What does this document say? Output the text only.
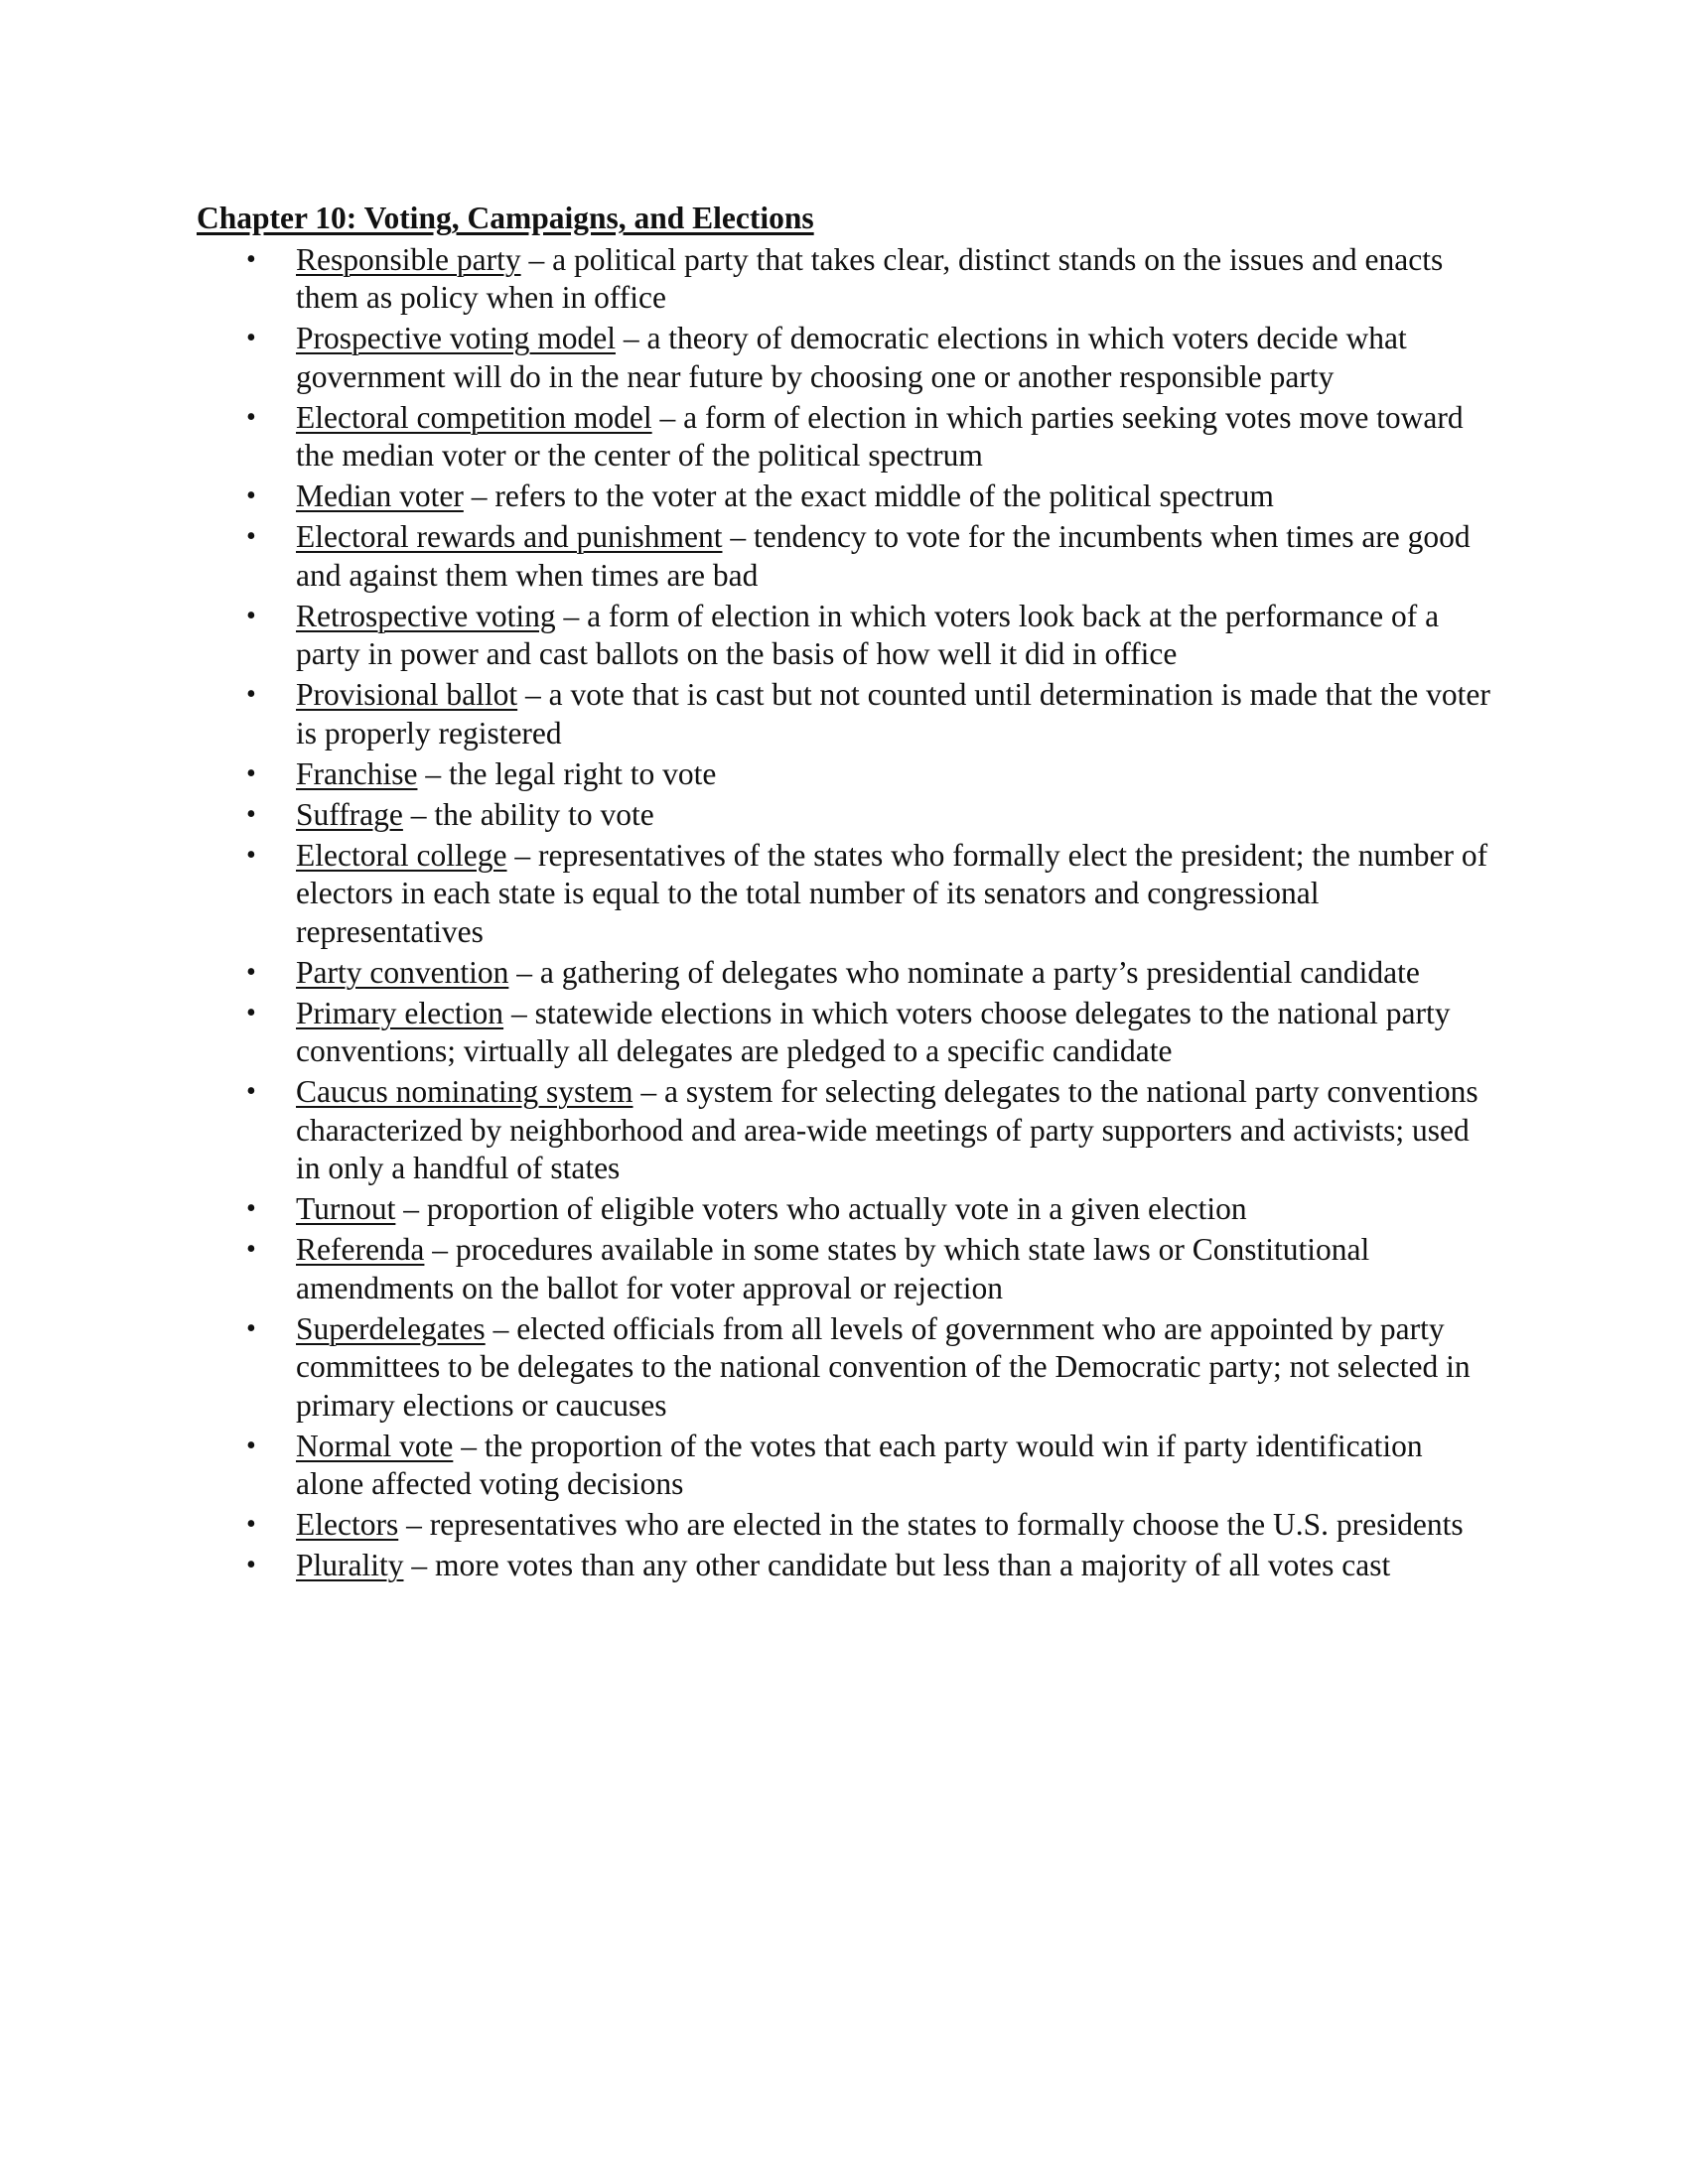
Chapter 10: Voting, Campaigns, and Elections
• Responsible party – a political party that takes clear, distinct stands on the issues and enacts them as policy when in office
• Prospective voting model – a theory of democratic elections in which voters decide what government will do in the near future by choosing one or another responsible party
• Electoral competition model – a form of election in which parties seeking votes move toward the median voter or the center of the political spectrum
• Median voter – refers to the voter at the exact middle of the political spectrum
• Electoral rewards and punishment – tendency to vote for the incumbents when times are good and against them when times are bad
• Retrospective voting – a form of election in which voters look back at the performance of a party in power and cast ballots on the basis of how well it did in office
• Provisional ballot – a vote that is cast but not counted until determination is made that the voter is properly registered
• Franchise – the legal right to vote
• Suffrage – the ability to vote
• Electoral college – representatives of the states who formally elect the president; the number of electors in each state is equal to the total number of its senators and congressional representatives
• Party convention – a gathering of delegates who nominate a party’s presidential candidate
• Primary election – statewide elections in which voters choose delegates to the national party conventions; virtually all delegates are pledged to a specific candidate
• Caucus nominating system – a system for selecting delegates to the national party conventions characterized by neighborhood and area-wide meetings of party supporters and activists; used in only a handful of states
• Turnout – proportion of eligible voters who actually vote in a given election
• Referenda – procedures available in some states by which state laws or Constitutional amendments on the ballot for voter approval or rejection
• Superdelegates – elected officials from all levels of government who are appointed by party committees to be delegates to the national convention of the Democratic party; not selected in primary elections or caucuses
• Normal vote – the proportion of the votes that each party would win if party identification alone affected voting decisions
• Electors – representatives who are elected in the states to formally choose the U.S. presidents
• Plurality – more votes than any other candidate but less than a majority of all votes cast
